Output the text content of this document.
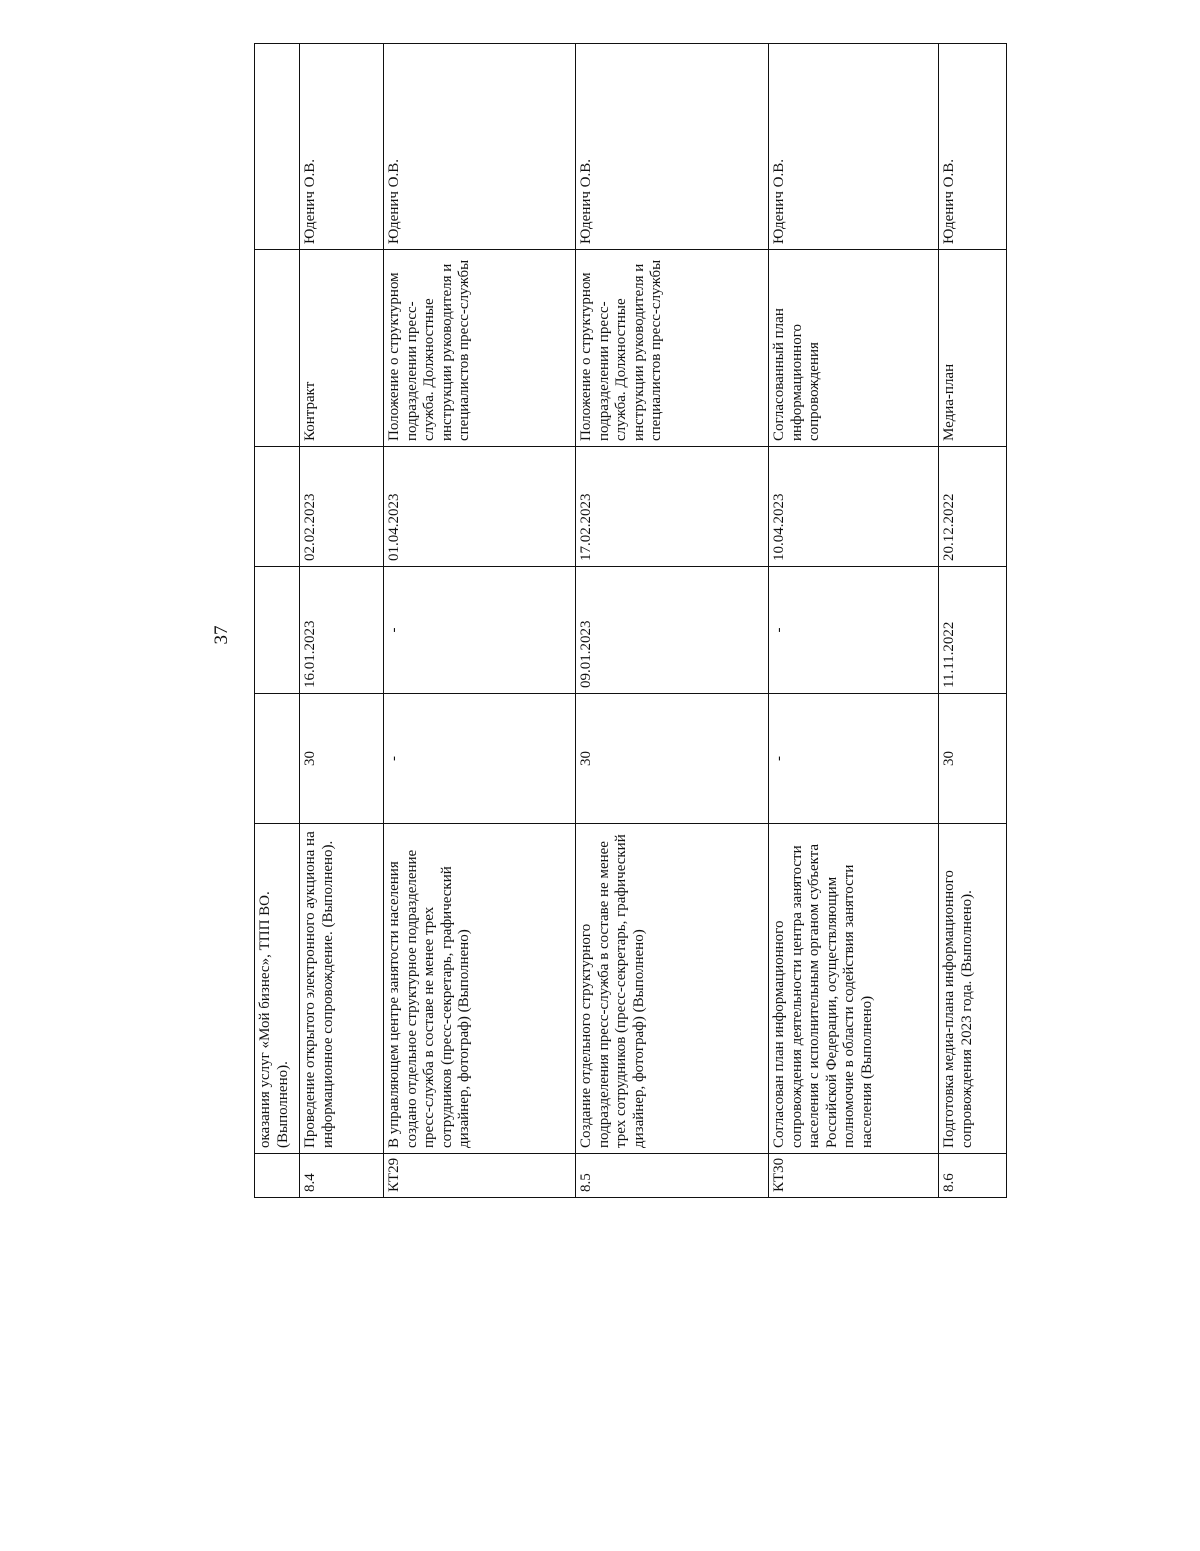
37
	оказания услуг «Мой бизнес», ТПП ВО. (Выполнено).					
8.4	Проведение открытого электронного аукциона на информационное сопровождение. (Выполнено).	30	16.01.2023	02.02.2023	Контракт	Юденич О.В.
КТ29	В управляющем центре занятости населения создано отдельное структурное подразделение пресс-служба в составе не менее трех сотрудников (пресс-секретарь, графический дизайнер, фотограф) (Выполнено)	-	-	01.04.2023	Положение о структурном подразделении пресс-служба. Должностные инструкции руководителя и специалистов пресс-службы	Юденич О.В.
8.5	Создание отдельного структурного подразделения пресс-служба в составе не менее трех сотрудников (пресс-секретарь, графический дизайнер, фотограф) (Выполнено)	30	09.01.2023	17.02.2023	Положение о структурном подразделении пресс-служба. Должностные инструкции руководителя и специалистов пресс-службы	Юденич О.В.
КТ30	Согласован план информационного сопровождения деятельности центра занятости населения с исполнительным органом субъекта Российской Федерации, осуществляющим полномочие в области содействия занятости населения (Выполнено)	-	-	10.04.2023	Согласованный план информационного сопровождения	Юденич О.В.
8.6	Подготовка медиа-плана информационного сопровождения 2023 года. (Выполнено).	30	11.11.2022	20.12.2022	Медиа-план	Юденич О.В.
